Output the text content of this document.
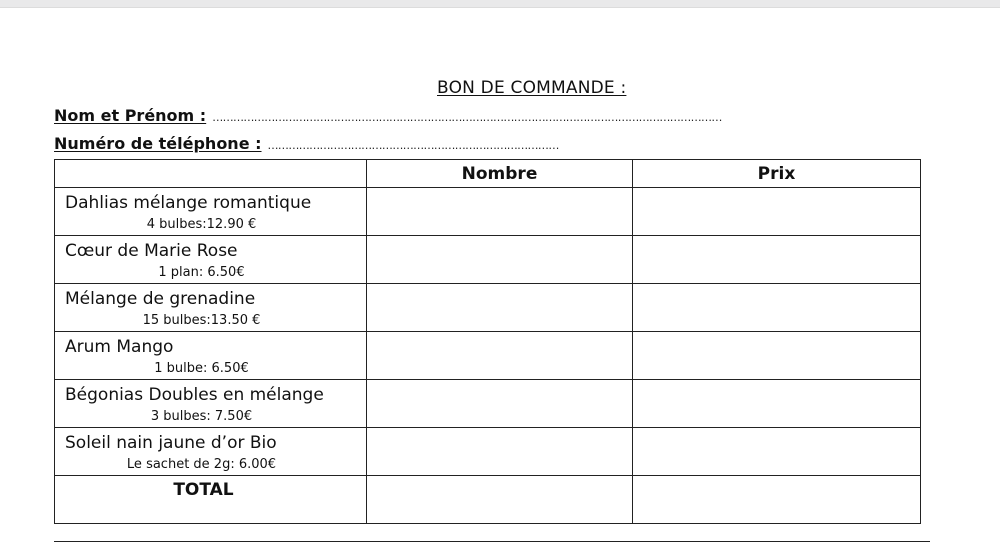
BON DE COMMANDE :
Nom et Prénom : …………………………………………………………………………………………………………………………………
Numéro de téléphone : …………………………………………………………………………
	Nombre	Prix

Dahlias mélange romantique
4 bulbes:12.90 €		

Cœur de Marie Rose
1 plan: 6.50€		

Mélange de grenadine
15 bulbes:13.50 €		

Arum Mango
1 bulbe: 6.50€		

Bégonias Doubles en mélange
3 bulbes: 7.50€		

Soleil nain jaune d’or Bio
Le sachet de 2g: 6.00€		

TOTAL		
